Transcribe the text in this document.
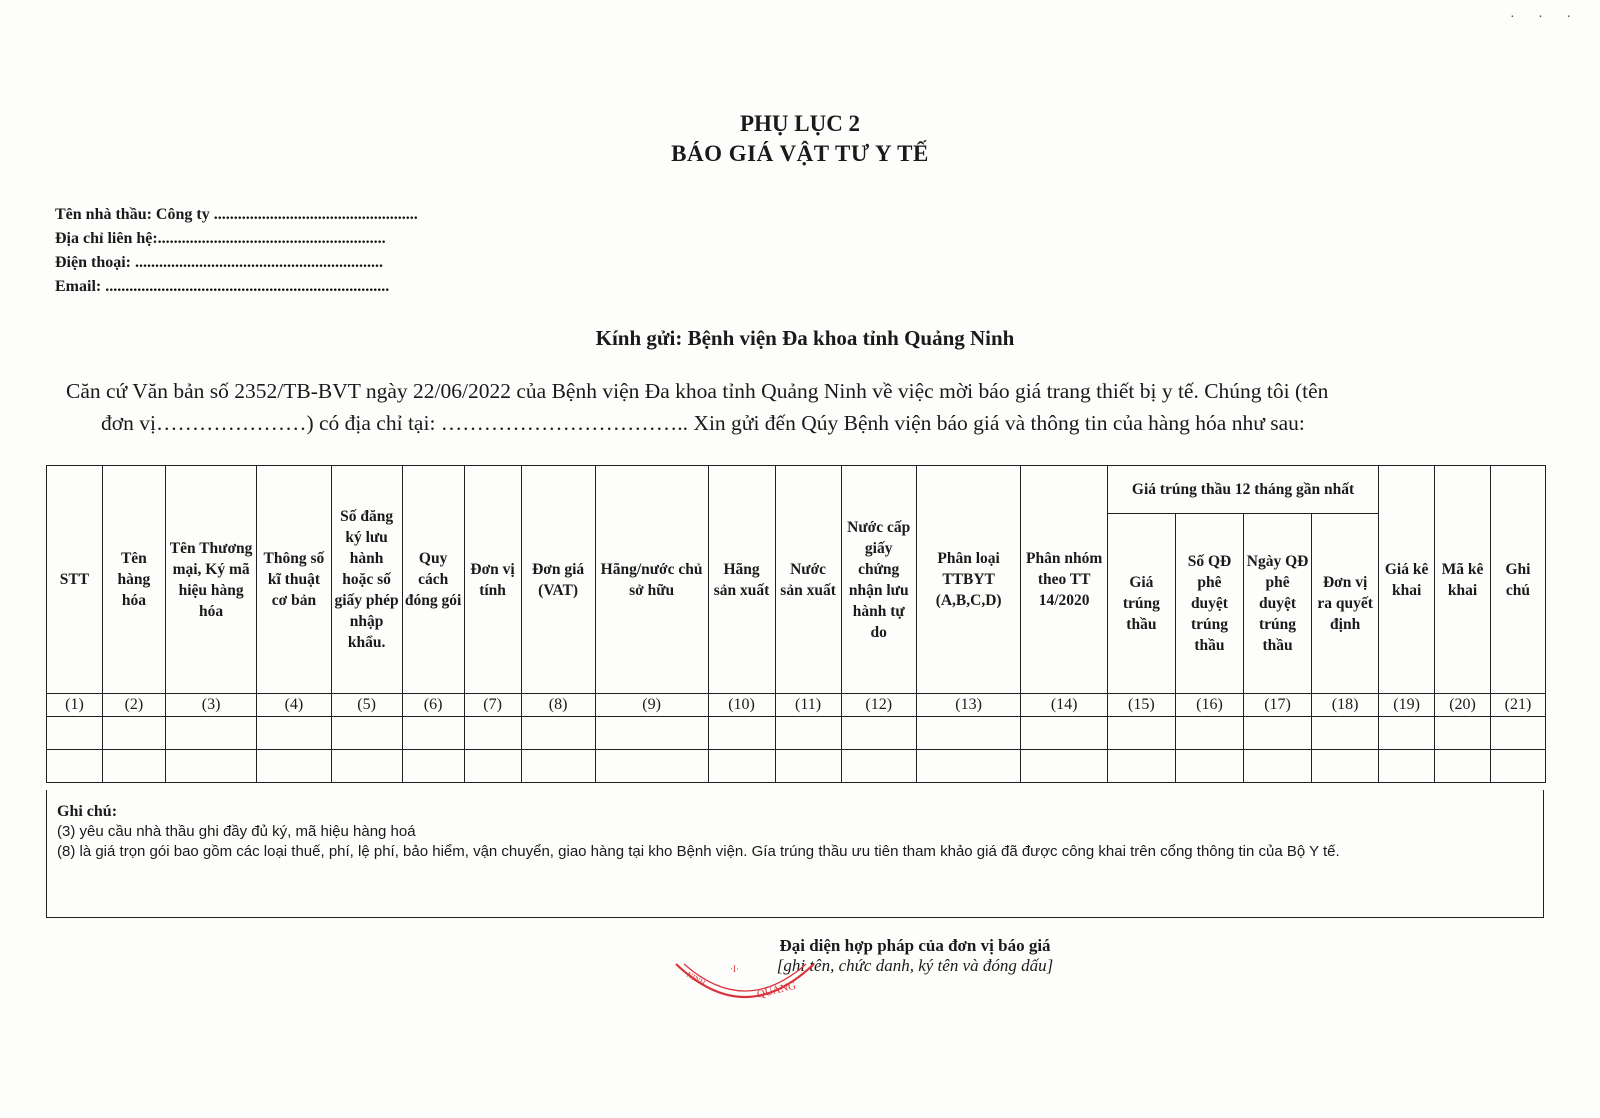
· · ·
PHỤ LỤC 2
BÁO GIÁ VẬT TƯ Y TẾ
Tên nhà thầu: Công ty ...................................................
Địa chỉ liên hệ:.........................................................
Điện thoại: ..............................................................
Email: .......................................................................
Kính gửi: Bệnh viện Đa khoa tỉnh Quảng Ninh
Căn cứ Văn bản số 2352/TB-BVT ngày 22/06/2022 của Bệnh viện Đa khoa tỉnh Quảng Ninh về việc mời báo giá trang thiết bị y tế. Chúng tôi (tên
đơn vị…………………) có địa chỉ tại: …………………………….. Xin gửi đến Qúy Bệnh viện báo giá và thông tin của hàng hóa như sau:
STT	Tên hàng hóa	Tên Thương mại, Ký mã hiệu hàng hóa	Thông số kĩ thuật cơ bản	Số đăng ký lưu hành hoặc số giấy phép nhập khẩu.	Quy cách đóng gói	Đơn vị tính	Đơn giá (VAT)	Hãng/nước chủ sở hữu	Hãng sản xuất	Nước sản xuất	Nước cấp giấy chứng nhận lưu hành tự do	Phân loại TTBYT (A,B,C,D)	Phân nhóm theo TT 14/2020	Giá trúng thầu 12 tháng gần nhất				Giá kê khai	Mã kê khai	Ghi chú
														Giá trúng thầu	Số QĐ phê duyệt trúng thầu	Ngày QĐ phê duyệt trúng thầu	Đơn vị ra quyết định			
(1)	(2)	(3)	(4)	(5)	(6)	(7)	(8)	(9)	(10)	(11)	(12)	(13)	(14)	(15)	(16)	(17)	(18)	(19)	(20)	(21)

Ghi chú:
(3) yêu cầu nhà thầu ghi đầy đủ ký, mã hiệu hàng hoá
(8) là giá trọn gói bao gồm các loại thuế, phí, lệ phí, bảo hiểm, vận chuyển, giao hàng tại kho Bệnh viện. Gía trúng thầu ưu tiên tham khảo giá đã được công khai trên cổng thông tin của Bộ Y tế.
Đại diện hợp pháp của đơn vị báo giá
[ghi tên, chức danh, ký tên và đóng dấu]
QUẢNG
NINH
·I·
